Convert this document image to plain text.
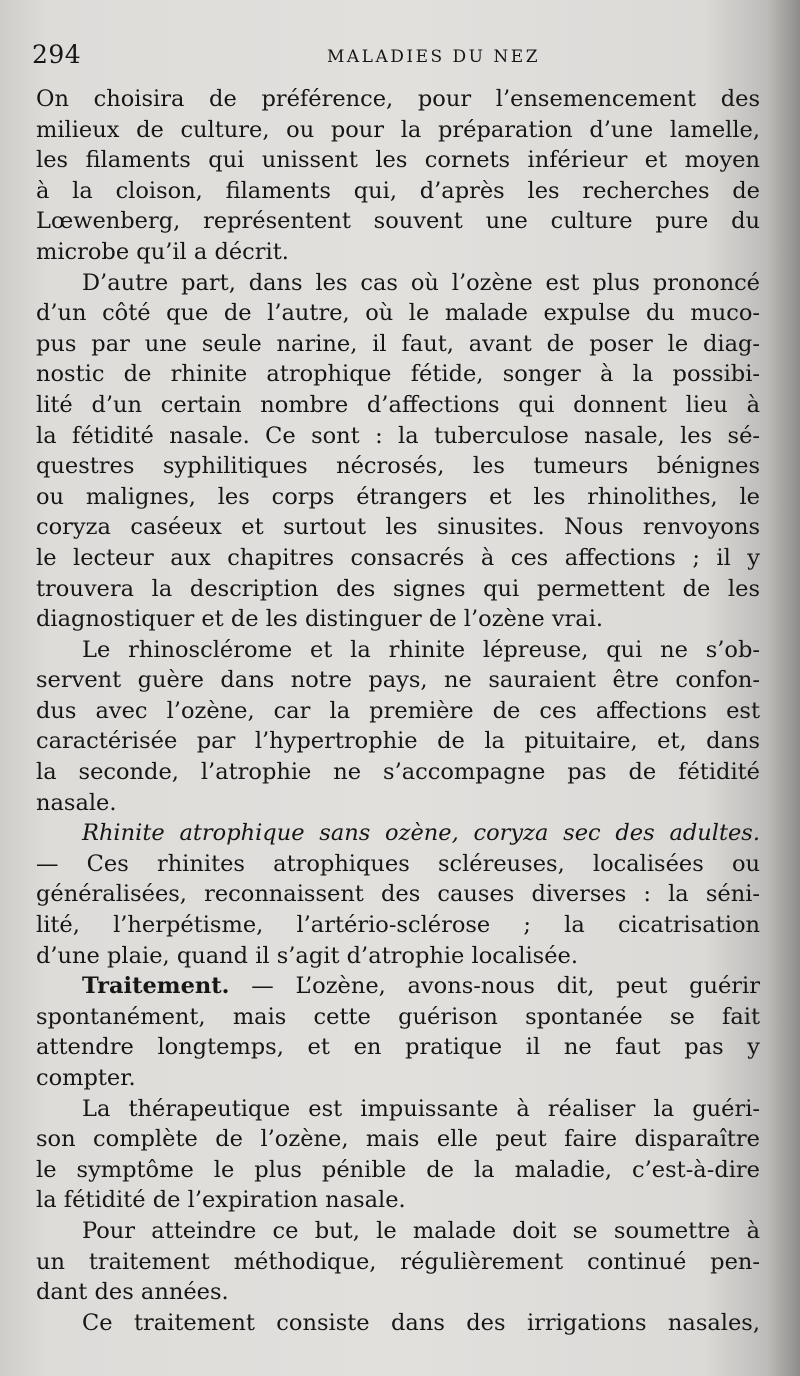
294	MALADIES DU NEZ
On choisira de préférence, pour l’ensemencement des
milieux de culture, ou pour la préparation d’une lamelle,
les filaments qui unissent les cornets inférieur et moyen
à la cloison, filaments qui, d’après les recherches de
Lœwenberg, représentent souvent une culture pure du
microbe qu’il a décrit.
D’autre part, dans les cas où l’ozène est plus prononcé
d’un côté que de l’autre, où le malade expulse du muco-
pus par une seule narine, il faut, avant de poser le diag-
nostic de rhinite atrophique fétide, songer à la possibi-
lité d’un certain nombre d’affections qui donnent lieu à
la fétidité nasale. Ce sont : la tuberculose nasale, les sé-
questres syphilitiques nécrosés, les tumeurs bénignes
ou malignes, les corps étrangers et les rhinolithes, le
coryza caséeux et surtout les sinusites. Nous renvoyons
le lecteur aux chapitres consacrés à ces affections ; il y
trouvera la description des signes qui permettent de les
diagnostiquer et de les distinguer de l’ozène vrai.
Le rhinosclérome et la rhinite lépreuse, qui ne s’ob-
servent guère dans notre pays, ne sauraient être confon-
dus avec l’ozène, car la première de ces affections est
caractérisée par l’hypertrophie de la pituitaire, et, dans
la seconde, l’atrophie ne s’accompagne pas de fétidité
nasale.
Rhinite atrophique sans ozène, coryza sec des adultes.
— Ces rhinites atrophiques scléreuses, localisées ou
généralisées, reconnaissent des causes diverses : la séni-
lité, l’herpétisme, l’artério-sclérose ; la cicatrisation
d’une plaie, quand il s’agit d’atrophie localisée.
Traitement. — L’ozène, avons-nous dit, peut guérir
spontanément, mais cette guérison spontanée se fait
attendre longtemps, et en pratique il ne faut pas y
compter.
La thérapeutique est impuissante à réaliser la guéri-
son complète de l’ozène, mais elle peut faire disparaître
le symptôme le plus pénible de la maladie, c’est-à-dire
la fétidité de l’expiration nasale.
Pour atteindre ce but, le malade doit se soumettre à
un traitement méthodique, régulièrement continué pen-
dant des années.
Ce traitement consiste dans des irrigations nasales,
